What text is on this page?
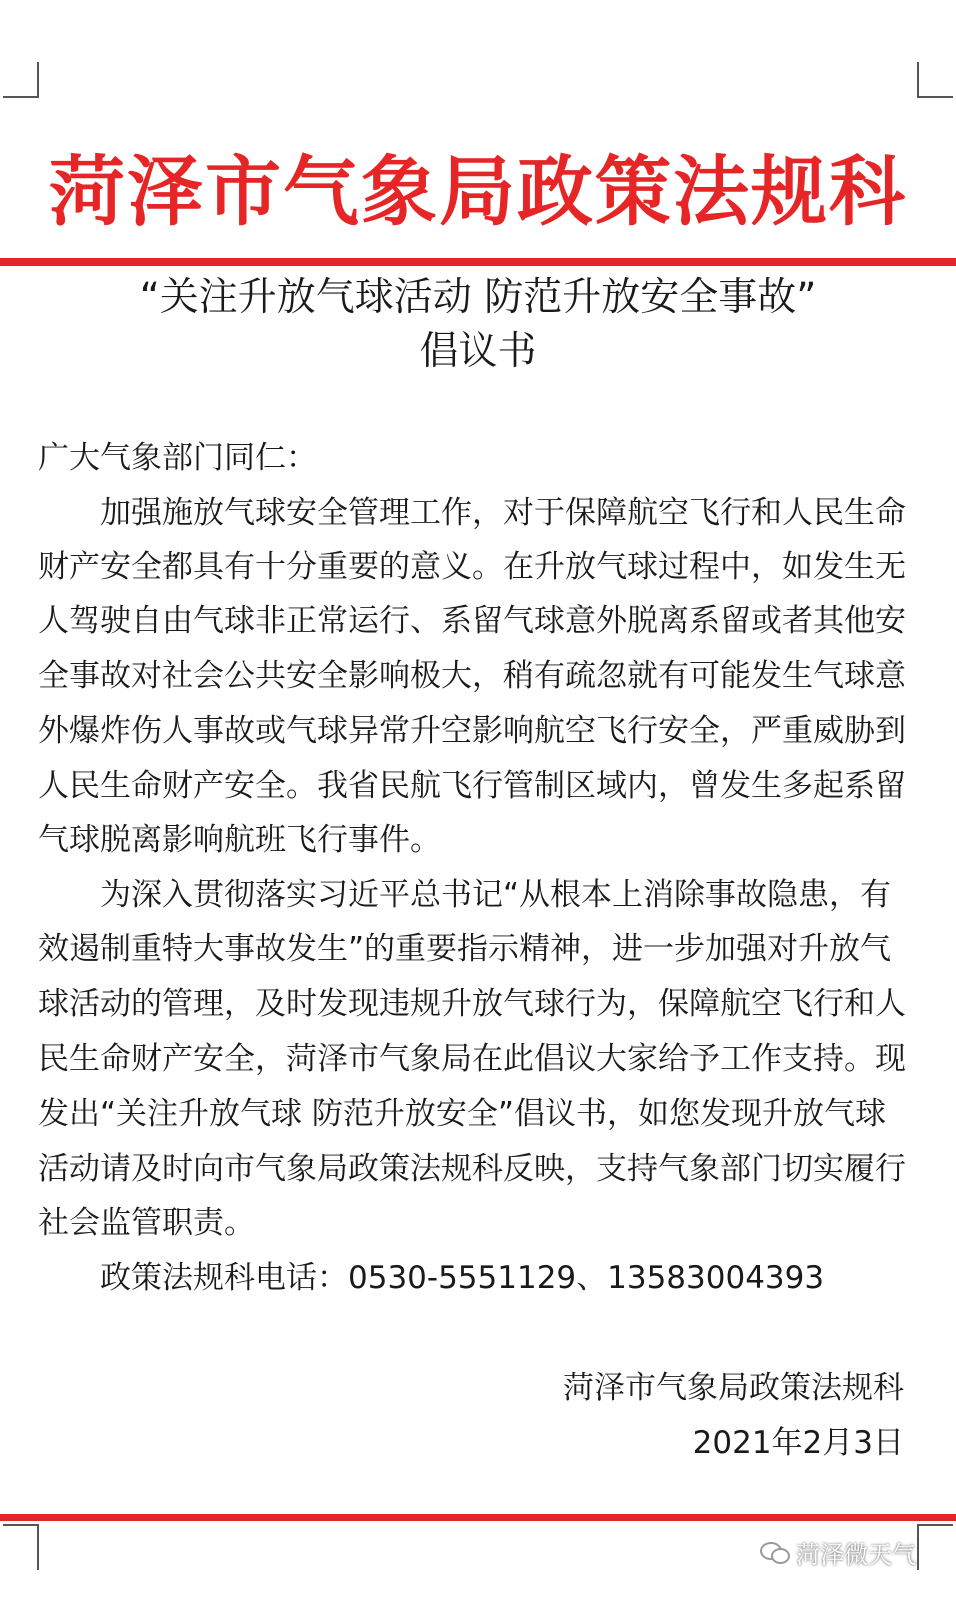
菏泽市气象局政策法规科
“关注升放气球活动 防范升放安全事故”
倡议书
广大气象部门同仁：
加强施放气球安全管理工作，对于保障航空飞行和人民生命
财产安全都具有十分重要的意义。在升放气球过程中，如发生无
人驾驶自由气球非正常运行、系留气球意外脱离系留或者其他安
全事故对社会公共安全影响极大，稍有疏忽就有可能发生气球意
外爆炸伤人事故或气球异常升空影响航空飞行安全，严重威胁到
人民生命财产安全。我省民航飞行管制区域内，曾发生多起系留
气球脱离影响航班飞行事件。
为深入贯彻落实习近平总书记“从根本上消除事故隐患，有
效遏制重特大事故发生”的重要指示精神，进一步加强对升放气
球活动的管理，及时发现违规升放气球行为，保障航空飞行和人
民生命财产安全，菏泽市气象局在此倡议大家给予工作支持。现
发出“关注升放气球 防范升放安全”倡议书，如您发现升放气球
活动请及时向市气象局政策法规科反映，支持气象部门切实履行
社会监管职责。
政策法规科电话：0530-5551129、13583004393
菏泽市气象局政策法规科
2021年2月3日
菏泽微天气
